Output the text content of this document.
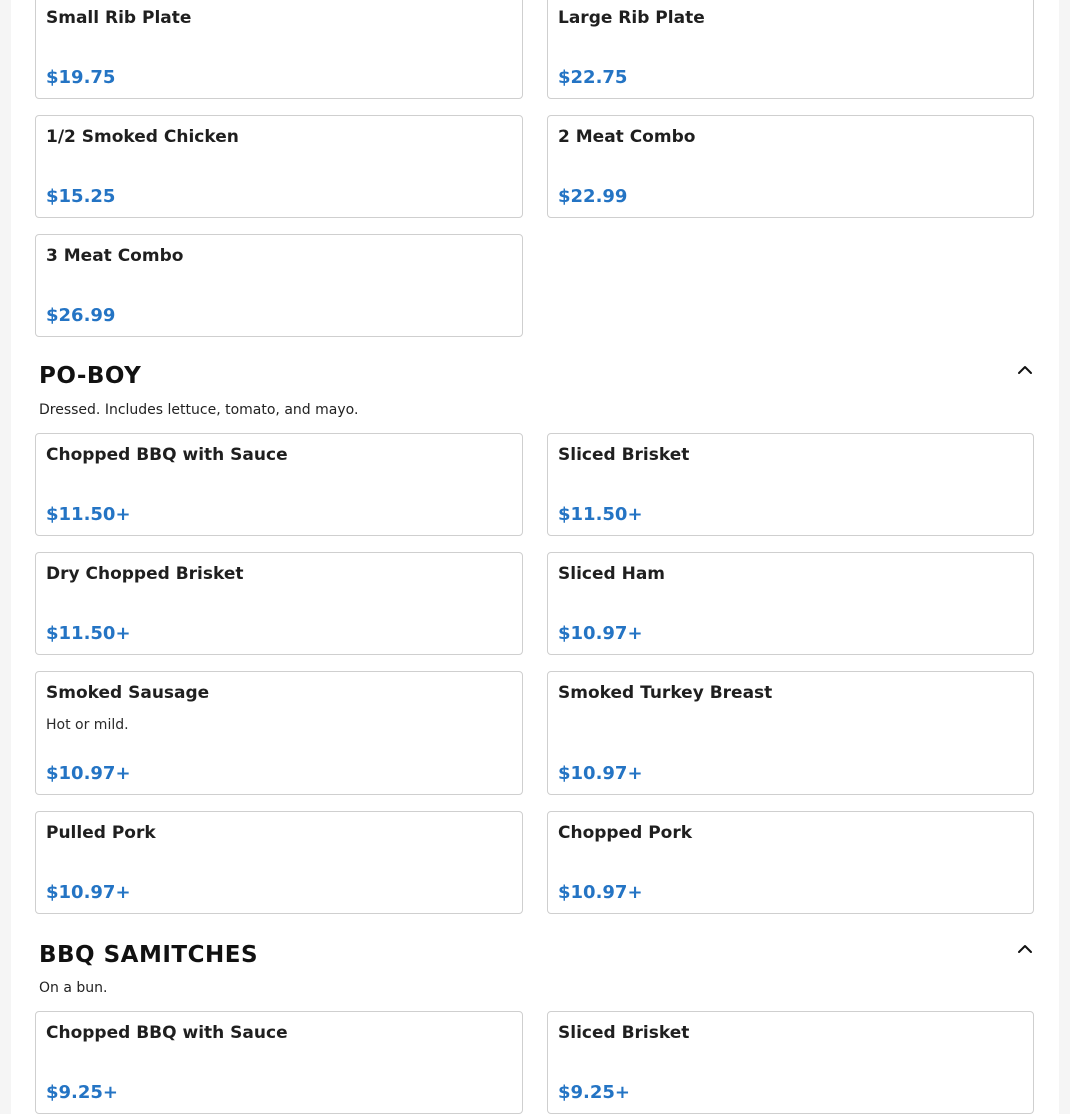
Small Rib Plate
$19.75
Large Rib Plate
$22.75
1/2 Smoked Chicken
$15.25
2 Meat Combo
$22.99
3 Meat Combo
$26.99
PO-BOY
Dressed. Includes lettuce, tomato, and mayo.
Chopped BBQ with Sauce
$11.50+
Sliced Brisket
$11.50+
Dry Chopped Brisket
$11.50+
Sliced Ham
$10.97+
Smoked Sausage
Hot or mild.
$10.97+
Smoked Turkey Breast
$10.97+
Pulled Pork
$10.97+
Chopped Pork
$10.97+
BBQ SAMITCHES
On a bun.
Chopped BBQ with Sauce
$9.25+
Sliced Brisket
$9.25+
